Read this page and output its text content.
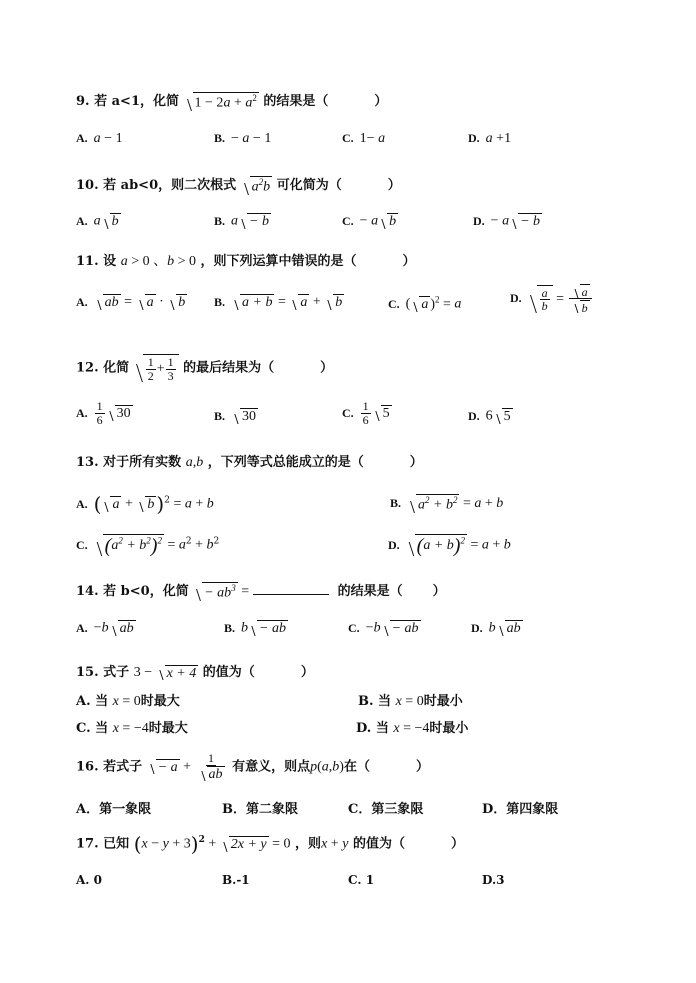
9. 若 a<1，化简 $1 - 2a + a^2$ 的结果是（	）
A. a − 1	B. − a − 1	C. 1− a	D. a +1
10. 若 ab<0，则二次根式 $a^2b$ 可化简为（	）
A. a b	B. a − b	C. − a b	D. − a − b
11. 设 a > 0 、b > 0 ，则下列运算中错误的是（	）
A. ab = a · b B. a + b = a + b	C. ( a )$^2$ = a	D. $\frac{a}{b} = \frac{a}{b}$
12. 化简 $\frac{1}{2} + \frac{1}{3}$ 的最后结果为（	）
A. $\frac{1}{6} 30$	B. 30	C. $\frac{1}{6} 5$	D. 6 5
13. 对于所有实数 a,b ，下列等式总能成立的是（	）
A. ( a + b )$^2$ = a + b	B. $a^2 + b^2 = a + b$
C. $(a^2 + b^2)^2 = a^2 + b^2$	D. $(a + b)^2 = a + b$
14. 若 b<0，化简 − $ab^3$ =	的结果是（ ）
A. −b ab	B. b − ab	C. −b − ab	D. b ab
15. 式子 3 − x + 4 的值为（	）
A. 当 x = 0时最大	B. 当 x = 0时最小
C. 当 x = −4时最大	D. 当 x = −4时最小
16. 若式子 − $a + \frac{1}{ab}$ 有意义，则点p(a,b)在（	）
A．第一象限	B．第二象限	C．第三象限	D．第四象限
17. 已知 $(x - y + 3)^2 + 2x + y = 0$ ，则x + y 的值为（	）
A. 0	B.-1	C. 1	D.3
